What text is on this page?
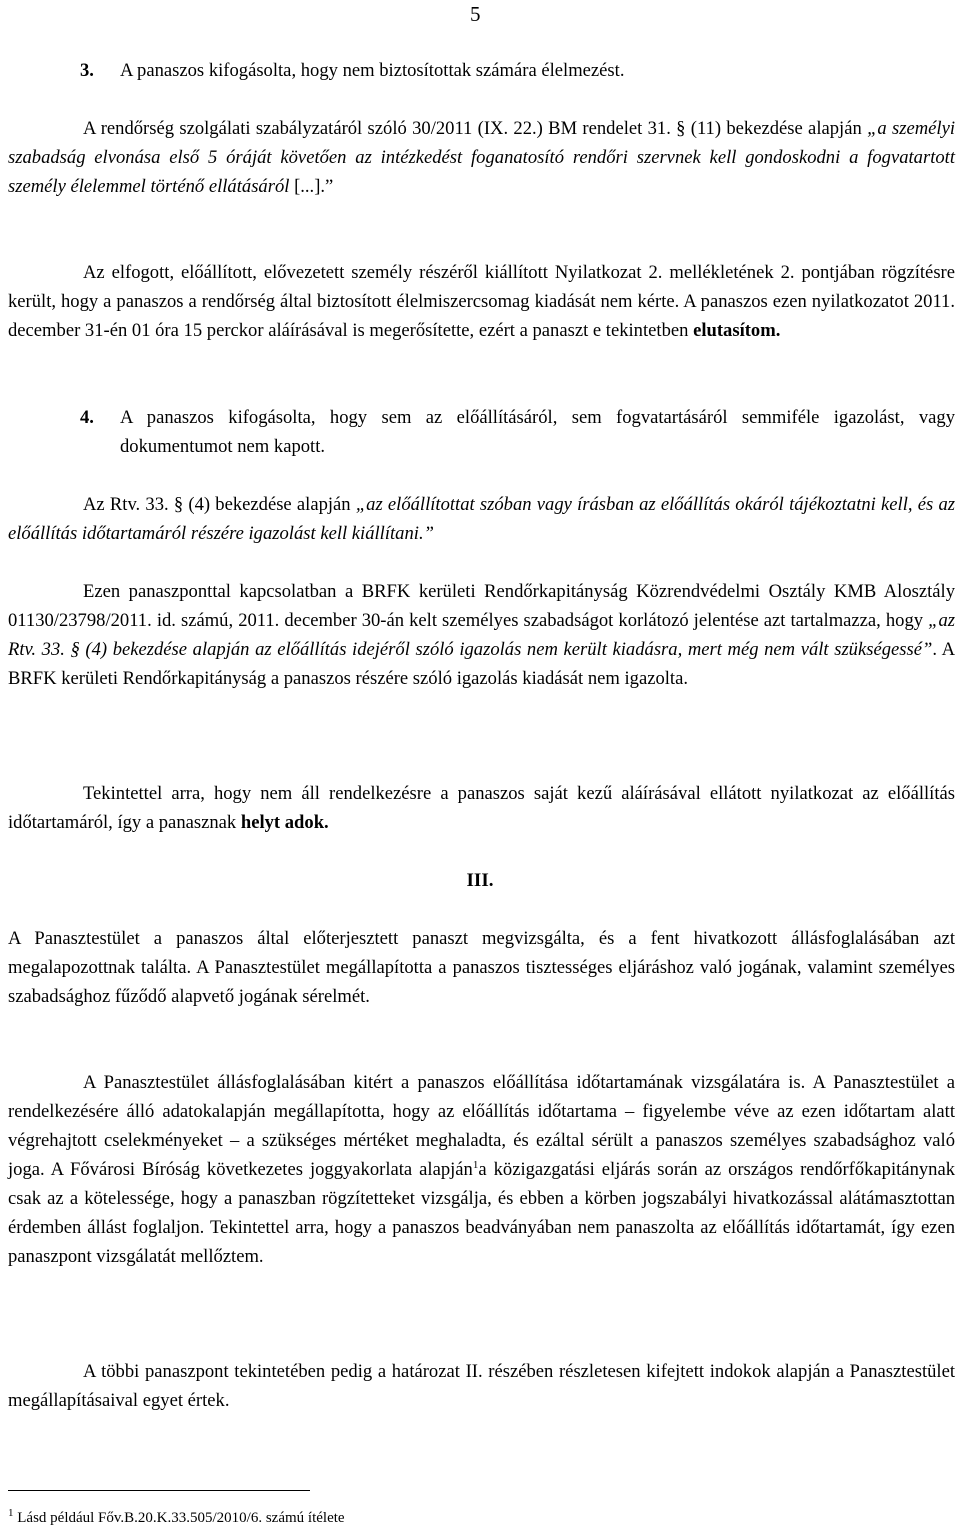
5
3. A panaszos kifogásolta, hogy nem biztosítottak számára élelmezést.

A rendőrség szolgálati szabályzatáról szóló 30/2011 (IX. 22.) BM rendelet 31. § (11) bekezdése alapján „a személyi szabadság elvonása első 5 óráját követően az intézkedést foganatosító rendőri szervnek kell gondoskodni a fogvatartott személy élelemmel történő ellátásáról [...].”

Az elfogott, előállított, elővezetett személy részéről kiállított Nyilatkozat 2. mellékletének 2. pontjában rögzítésre került, hogy a panaszos a rendőrség által biztosított élelmiszercsomag kiadását nem kérte. A panaszos ezen nyilatkozatot 2011. december 31-én 01 óra 15 perckor aláírásával is megerősítette, ezért a panaszt e tekintetben elutasítom.

4. A panaszos kifogásolta, hogy sem az előállításáról, sem fogvatartásáról semmiféle igazolást, vagy dokumentumot nem kapott.

Az Rtv. 33. § (4) bekezdése alapján „az előállítottat szóban vagy írásban az előállítás okáról tájékoztatni kell, és az előállítás időtartamáról részére igazolást kell kiállítani.”

Ezen panaszponttal kapcsolatban a BRFK kerületi Rendőrkapitányság Közrendvédelmi Osztály KMB Alosztály 01130/23798/2011. id. számú, 2011. december 30-án kelt személyes szabadságot korlátozó jelentése azt tartalmazza, hogy „az Rtv. 33. § (4) bekezdése alapján az előállítás idejéről szóló igazolás nem került kiadásra, mert még nem vált szükségessé”. A BRFK kerületi Rendőrkapitányság a panaszos részére szóló igazolás kiadását nem igazolta.

Tekintettel arra, hogy nem áll rendelkezésre a panaszos saját kezű aláírásával ellátott nyilatkozat az előállítás időtartamáról, így a panasznak helyt adok.

III.

A Panasztestület a panaszos által előterjesztett panaszt megvizsgálta, és a fent hivatkozott állásfoglalásában azt megalapozottnak találta. A Panasztestület megállapította a panaszos tisztességes eljáráshoz való jogának, valamint személyes szabadsághoz fűződő alapvető jogának sérelmét.

A Panasztestület állásfoglalásában kitért a panaszos előállítása időtartamának vizsgálatára is. A Panasztestület a rendelkezésére álló adatokalapján megállapította, hogy az előállítás időtartama – figyelembe véve az ezen időtartam alatt végrehajtott cselekményeket – a szükséges mértéket meghaladta, és ezáltal sérült a panaszos személyes szabadsághoz való joga. A Fővárosi Bíróság következetes joggyakorlata alapján$^1$a közigazgatási eljárás során az országos rendőrfőkapitánynak csak az a kötelessége, hogy a panaszban rögzítetteket vizsgálja, és ebben a körben jogszabályi hivatkozással alátámasztottan érdemben állást foglaljon. Tekintettel arra, hogy a panaszos beadványában nem panaszolta az előállítás időtartamát, így ezen panaszpont vizsgálatát mellőztem.

A többi panaszpont tekintetében pedig a határozat II. részében részletesen kifejtett indokok alapján a Panasztestület megállapításaival egyet értek.

$^1$ Lásd például Főv.B.20.K.33.505/2010/6. számú ítélete
